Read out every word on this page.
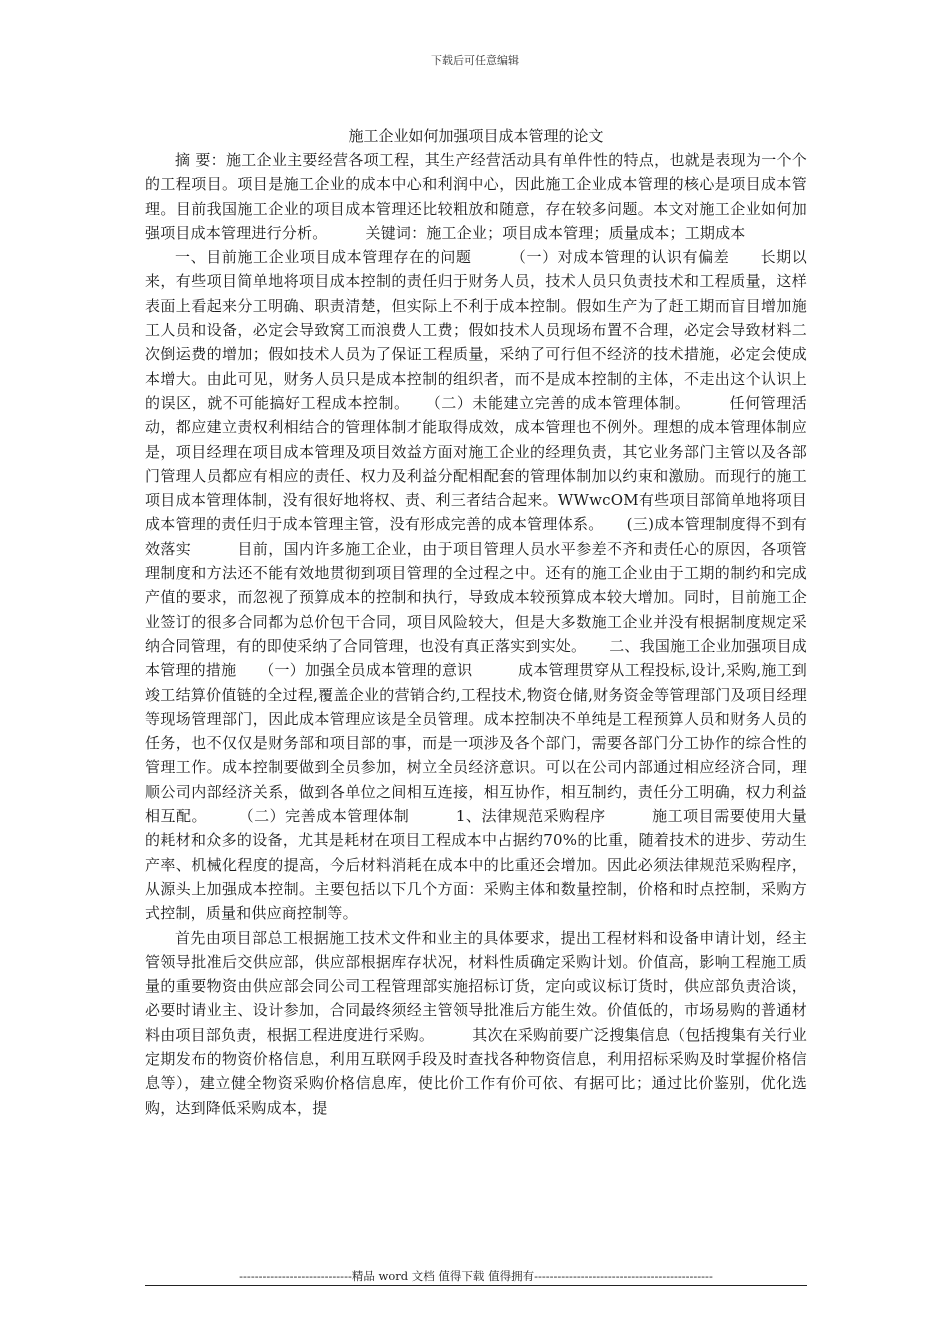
下载后可任意编辑

施工企业如何加强项目成本管理的论文

摘 要：施工企业主要经营各项工程，其生产经营活动具有单件性的特点，也就是表现为一个个的工程项目。项目是施工企业的成本中心和利润中心，因此施工企业成本管理的核心是项目成本管理。目前我国施工企业的项目成本管理还比较粗放和随意，存在较多问题。本文对施工企业如何加强项目成本管理进行分析。　　　关键词：施工企业；项目成本管理；质量成本；工期成本

一、目前施工企业项目成本管理存在的问题　　　（一）对成本管理的认识有偏差　　长期以来，有些项目简单地将项目成本控制的责任归于财务人员，技术人员只负责技术和工程质量，这样表面上看起来分工明确、职责清楚，但实际上不利于成本控制。假如生产为了赶工期而盲目增加施工人员和设备，必定会导致窝工而浪费人工费；假如技术人员现场布置不合理，必定会导致材料二次倒运费的增加；假如技术人员为了保证工程质量，采纳了可行但不经济的技术措施，必定会使成本增大。由此可见，财务人员只是成本控制的组织者，而不是成本控制的主体，不走出这个认识上的误区，就不可能搞好工程成本控制。　　（二）未能建立完善的成本管理体制。　　　任何管理活动，都应建立责权利相结合的管理体制才能取得成效，成本管理也不例外。理想的成本管理体制应是，项目经理在项目成本管理及项目效益方面对施工企业的经理负责，其它业务部门主管以及各部门管理人员都应有相应的责任、权力及利益分配相配套的管理体制加以约束和激励。而现行的施工项目成本管理体制，没有很好地将权、责、利三者结合起来。WWwcOM有些项目部简单地将项目成本管理的责任归于成本管理主管，没有形成完善的成本管理体系。　　(三)成本管理制度得不到有效落实　　　目前，国内许多施工企业，由于项目管理人员水平参差不齐和责任心的原因，各项管理制度和方法还不能有效地贯彻到项目管理的全过程之中。还有的施工企业由于工期的制约和完成产值的要求，而忽视了预算成本的控制和执行，导致成本较预算成本较大增加。同时，目前施工企业签订的很多合同都为总价包干合同，项目风险较大，但是大多数施工企业并没有根据制度规定采纳合同管理，有的即使采纳了合同管理，也没有真正落实到实处。　　二、我国施工企业加强项目成本管理的措施　　（一）加强全员成本管理的意识　　　成本管理贯穿从工程投标,设计,采购,施工到竣工结算价值链的全过程,覆盖企业的营销合约,工程技术,物资仓储,财务资金等管理部门及项目经理等现场管理部门，因此成本管理应该是全员管理。成本控制决不单纯是工程预算人员和财务人员的任务，也不仅仅是财务部和项目部的事，而是一项涉及各个部门，需要各部门分工协作的综合性的管理工作。成本控制要做到全员参加，树立全员经济意识。可以在公司内部通过相应经济合同，理顺公司内部经济关系，做到各单位之间相互连接，相互协作，相互制约，责任分工明确，权力利益相互配。　　　（二）完善成本管理体制　　　1、法律规范采购程序　　　施工项目需要使用大量的耗材和众多的设备，尤其是耗材在项目工程成本中占据约70%的比重，随着技术的进步、劳动生产率、机械化程度的提高，今后材料消耗在成本中的比重还会增加。因此必须法律规范采购程序，从源头上加强成本控制。主要包括以下几个方面：采购主体和数量控制，价格和时点控制，采购方式控制，质量和供应商控制等。

首先由项目部总工根据施工技术文件和业主的具体要求，提出工程材料和设备申请计划，经主管领导批准后交供应部，供应部根据库存状况，材料性质确定采购计划。价值高，影响工程施工质量的重要物资由供应部会同公司工程管理部实施招标订货，定向或议标订货时，供应部负责洽谈，必要时请业主、设计参加，合同最终须经主管领导批准后方能生效。价值低的，市场易购的普通材料由项目部负责，根据工程进度进行采购。　　　其次在采购前要广泛搜集信息（包括搜集有关行业定期发布的物资价格信息，利用互联网手段及时查找各种物资信息，利用招标采购及时掌握价格信息等），建立健全物资采购价格信息库，使比价工作有价可依、有据可比；通过比价鉴别，优化选购，达到降低采购成本，提

-----------------------------精品 word 文档 值得下载 值得拥有----------------------------------------------
